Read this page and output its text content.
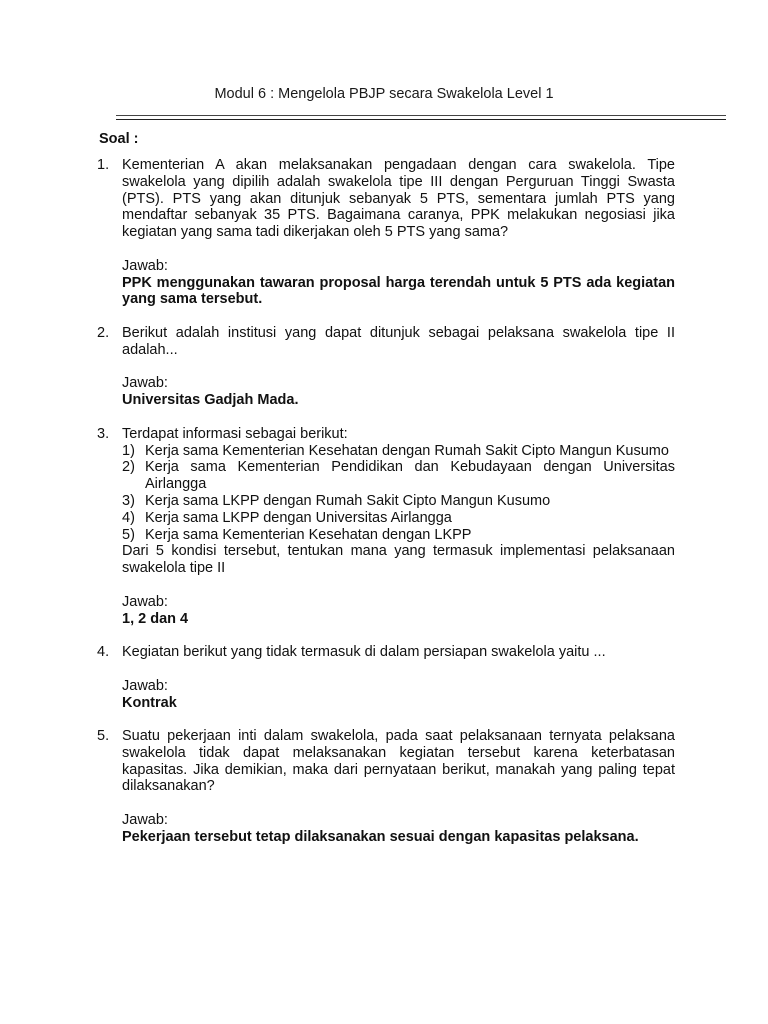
Modul 6 : Mengelola PBJP secara Swakelola Level 1
Soal :
1. Kementerian A akan melaksanakan pengadaan dengan cara swakelola. Tipe swakelola yang dipilih adalah swakelola tipe III dengan Perguruan Tinggi Swasta (PTS). PTS yang akan ditunjuk sebanyak 5 PTS, sementara jumlah PTS yang mendaftar sebanyak 35 PTS. Bagaimana caranya, PPK melakukan negosiasi jika kegiatan yang sama tadi dikerjakan oleh 5 PTS yang sama?
Jawab:
PPK menggunakan tawaran proposal harga terendah untuk 5 PTS ada kegiatan yang sama tersebut.
2. Berikut adalah institusi yang dapat ditunjuk sebagai pelaksana swakelola tipe II adalah...
Jawab:
Universitas Gadjah Mada.
3. Terdapat informasi sebagai berikut:
1) Kerja sama Kementerian Kesehatan dengan Rumah Sakit Cipto Mangun Kusumo
2) Kerja sama Kementerian Pendidikan dan Kebudayaan dengan Universitas Airlangga
3) Kerja sama LKPP dengan Rumah Sakit Cipto Mangun Kusumo
4) Kerja sama LKPP dengan Universitas Airlangga
5) Kerja sama Kementerian Kesehatan dengan LKPP
Dari 5 kondisi tersebut, tentukan mana yang termasuk implementasi pelaksanaan swakelola tipe II
Jawab:
1, 2 dan 4
4. Kegiatan berikut yang tidak termasuk di dalam persiapan swakelola yaitu ...
Jawab:
Kontrak
5. Suatu pekerjaan inti dalam swakelola, pada saat pelaksanaan ternyata pelaksana swakelola tidak dapat melaksanakan kegiatan tersebut karena keterbatasan kapasitas. Jika demikian, maka dari pernyataan berikut, manakah yang paling tepat dilaksanakan?
Jawab:
Pekerjaan tersebut tetap dilaksanakan sesuai dengan kapasitas pelaksana.
